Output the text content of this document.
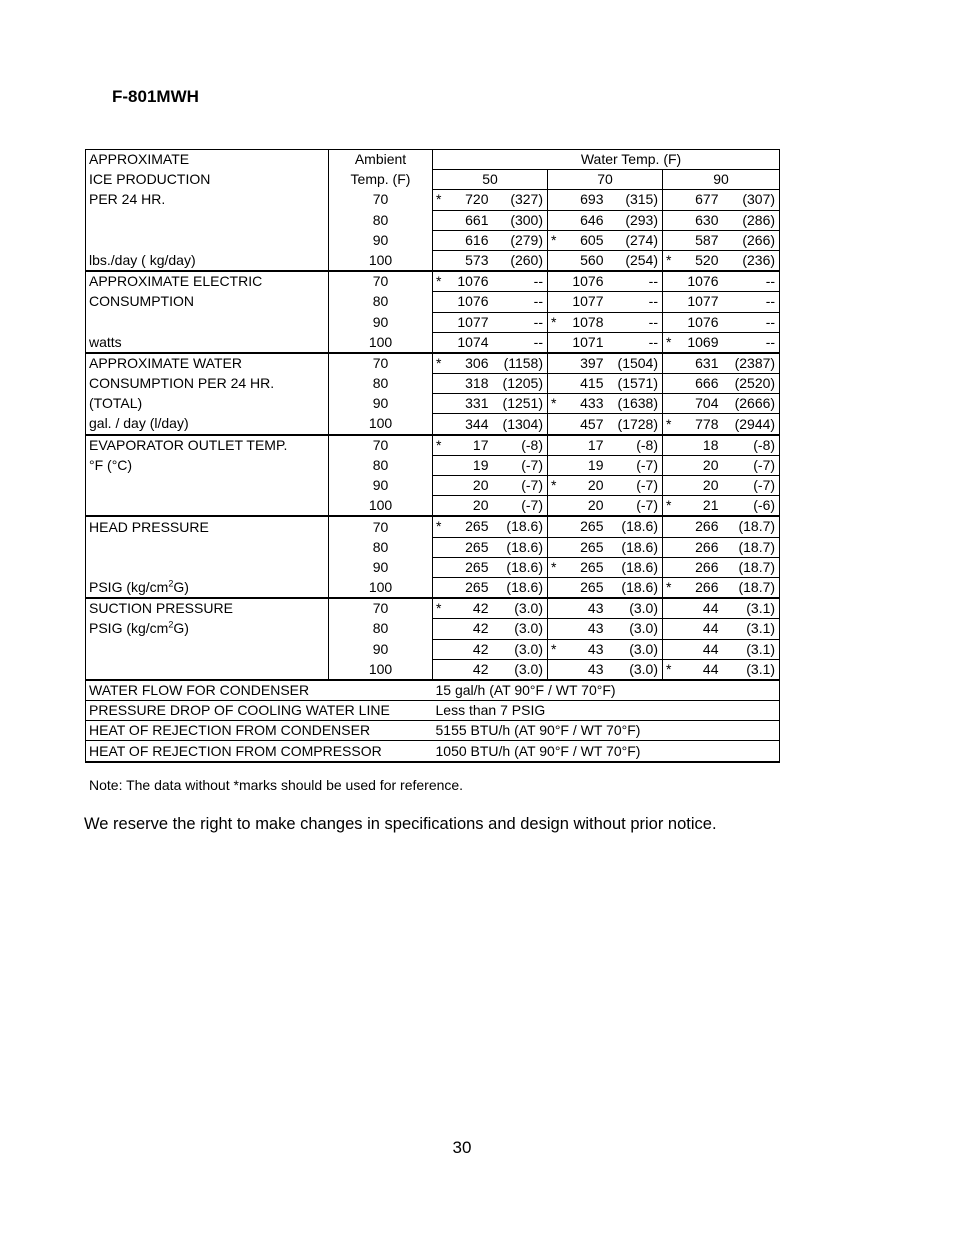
F-801MWH
APPROXIMATE	Ambient	Water Temp. (F)								
ICE PRODUCTION	Temp. (F)	50			70			90		
PER 24 HR.	70	*	720	(327)		693	(315)		677	(307)
	80		661	(300)		646	(293)		630	(286)
	90		616	(279)	*	605	(274)		587	(266)
lbs./day ( kg/day)	100		573	(260)		560	(254)	*	520	(236)
APPROXIMATE ELECTRIC	70	*	1076	--		1076	--		1076	--
CONSUMPTION	80		1076	--		1077	--		1077	--
	90		1077	--	*	1078	--		1076	--
watts	100		1074	--		1071	--	*	1069	--
APPROXIMATE WATER	70	*	306	(1158)		397	(1504)		631	(2387)
CONSUMPTION PER 24 HR.	80		318	(1205)		415	(1571)		666	(2520)
(TOTAL)	90		331	(1251)	*	433	(1638)		704	(2666)
gal. / day (l/day)	100		344	(1304)		457	(1728)	*	778	(2944)
EVAPORATOR OUTLET TEMP.	70	*	17	(-8)		17	(-8)		18	(-8)
°F (°C)	80		19	(-7)		19	(-7)		20	(-7)
	90		20	(-7)	*	20	(-7)		20	(-7)
	100		20	(-7)		20	(-7)	*	21	(-6)
HEAD PRESSURE	70	*	265	(18.6)		265	(18.6)		266	(18.7)
	80		265	(18.6)		265	(18.6)		266	(18.7)
	90		265	(18.6)	*	265	(18.6)		266	(18.7)
PSIG $(kg/cm^2G)$	100		265	(18.6)		265	(18.6)	*	266	(18.7)
SUCTION PRESSURE	70	*	42	(3.0)		43	(3.0)		44	(3.1)
PSIG $(kg/cm^2G)$	80		42	(3.0)		43	(3.0)		44	(3.1)
	90		42	(3.0)	*	43	(3.0)		44	(3.1)
	100		42	(3.0)		43	(3.0)	*	44	(3.1)
WATER FLOW FOR CONDENSER		15 gal/h (AT 90°F / WT 70°F)								
PRESSURE DROP OF COOLING WATER LINE		Less than 7 PSIG								
HEAT OF REJECTION FROM CONDENSER		5155 BTU/h (AT 90°F / WT 70°F)								
HEAT OF REJECTION FROM COMPRESSOR		1050 BTU/h (AT 90°F / WT 70°F)								
Note: The data without *marks should be used for reference.
We reserve the right to make changes in specifications and design without prior notice.
30
